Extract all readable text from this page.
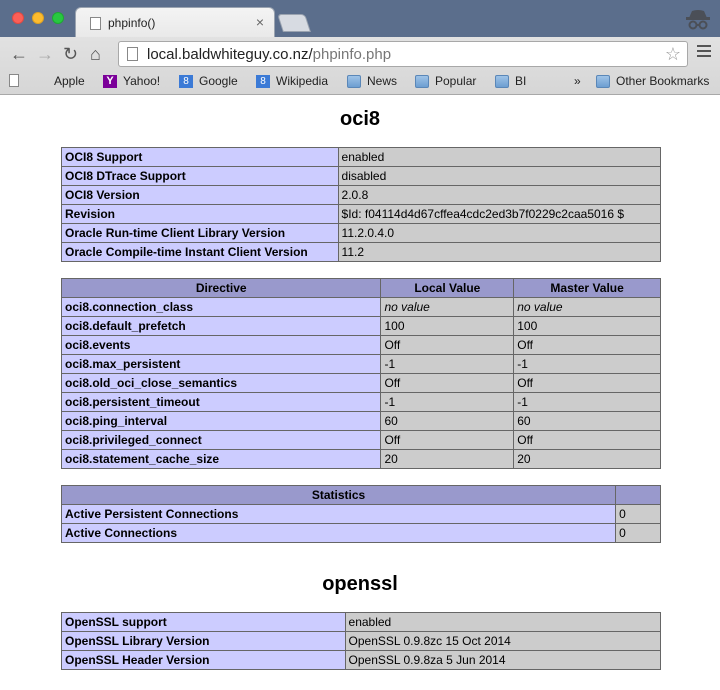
phpinfo()	×
← → ↻ ⌂	local.baldwhiteguy.co.nz/phpinfo.php	☆
Apple	Y Yahoo!	8 Google	8 Wikipedia	News	Popular	BI	»	Other Bookmarks
oci8
OCI8 Support	enabled
OCI8 DTrace Support	disabled
OCI8 Version	2.0.8
Revision	$Id: f04114d4d67cffea4cdc2ed3b7f0229c2caa5016 $
Oracle Run-time Client Library Version	11.2.0.4.0
Oracle Compile-time Instant Client Version	11.2
Directive	Local Value	Master Value
oci8.connection_class	no value	no value
oci8.default_prefetch	100	100
oci8.events	Off	Off
oci8.max_persistent	-1	-1
oci8.old_oci_close_semantics	Off	Off
oci8.persistent_timeout	-1	-1
oci8.ping_interval	60	60
oci8.privileged_connect	Off	Off
oci8.statement_cache_size	20	20
Statistics	
Active Persistent Connections	0
Active Connections	0
openssl
OpenSSL support	enabled
OpenSSL Library Version	OpenSSL 0.9.8zc 15 Oct 2014
OpenSSL Header Version	OpenSSL 0.9.8za 5 Jun 2014
